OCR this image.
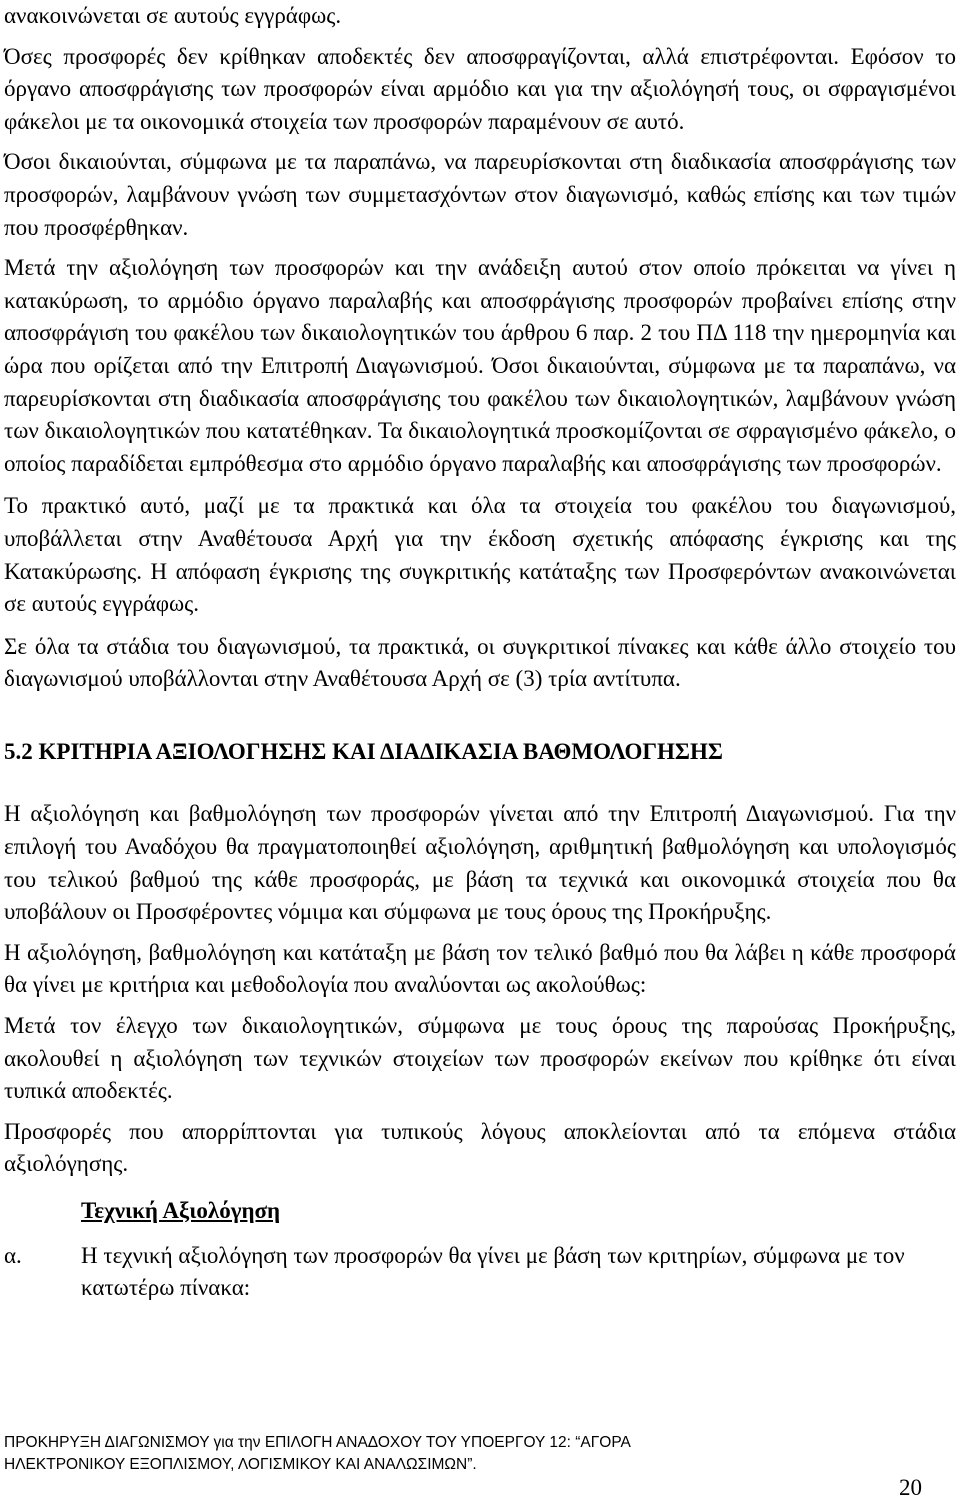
ανακοινώνεται σε αυτούς εγγράφως.

Όσες προσφορές δεν κρίθηκαν αποδεκτές δεν αποσφραγίζονται, αλλά επιστρέφονται. Εφόσον το όργανο αποσφράγισης των προσφορών είναι αρμόδιο και για την αξιολόγησή τους, οι σφραγισμένοι φάκελοι με τα οικονομικά στοιχεία των προσφορών παραμένουν σε αυτό.

Όσοι δικαιούνται, σύμφωνα με τα παραπάνω, να παρευρίσκονται στη διαδικασία αποσφράγισης των προσφορών, λαμβάνουν γνώση των συμμετασχόντων στον διαγωνισμό, καθώς επίσης και των τιμών που προσφέρθηκαν.

Μετά την αξιολόγηση των προσφορών και την ανάδειξη αυτού στον οποίο πρόκειται να γίνει η κατακύρωση, το αρμόδιο όργανο παραλαβής και αποσφράγισης προσφορών προβαίνει επίσης στην αποσφράγιση του φακέλου των δικαιολογητικών του άρθρου 6 παρ. 2 του ΠΔ 118 την ημερομηνία και ώρα που ορίζεται από την Επιτροπή Διαγωνισμού. Όσοι δικαιούνται, σύμφωνα με τα παραπάνω, να παρευρίσκονται στη διαδικασία αποσφράγισης του φακέλου των δικαιολογητικών, λαμβάνουν γνώση των δικαιολογητικών που κατατέθηκαν. Τα δικαιολογητικά προσκομίζονται σε σφραγισμένο φάκελο, ο οποίος παραδίδεται εμπρόθεσμα στο αρμόδιο όργανο παραλαβής και αποσφράγισης των προσφορών.

Το πρακτικό αυτό, μαζί με τα πρακτικά και όλα τα στοιχεία του φακέλου του διαγωνισμού, υποβάλλεται στην Αναθέτουσα Αρχή για την έκδοση σχετικής απόφασης έγκρισης και της Κατακύρωσης. Η απόφαση έγκρισης της συγκριτικής κατάταξης των Προσφερόντων ανακοινώνεται σε αυτούς εγγράφως.

Σε όλα τα στάδια του διαγωνισμού, τα πρακτικά, οι συγκριτικοί πίνακες και κάθε άλλο στοιχείο του διαγωνισμού υποβάλλονται στην Αναθέτουσα Αρχή σε (3) τρία αντίτυπα.

5.2 ΚΡΙΤΗΡΙΑ ΑΞΙΟΛΟΓΗΣΗΣ ΚΑΙ ΔΙΑΔΙΚΑΣΙΑ ΒΑΘΜΟΛΟΓΗΣΗΣ

Η αξιολόγηση και βαθμολόγηση των προσφορών γίνεται από την Επιτροπή Διαγωνισμού. Για την επιλογή του Αναδόχου θα πραγματοποιηθεί αξιολόγηση, αριθμητική βαθμολόγηση και υπολογισμός του τελικού βαθμού της κάθε προσφοράς, με βάση τα τεχνικά και οικονομικά στοιχεία που θα υποβάλουν οι Προσφέροντες νόμιμα και σύμφωνα με τους όρους της Προκήρυξης.

Η αξιολόγηση, βαθμολόγηση και κατάταξη με βάση τον τελικό βαθμό που θα λάβει η κάθε προσφορά θα γίνει με κριτήρια και μεθοδολογία που αναλύονται ως ακολούθως:

Μετά τον έλεγχο των δικαιολογητικών, σύμφωνα με τους όρους της παρούσας Προκήρυξης, ακολουθεί η αξιολόγηση των τεχνικών στοιχείων των προσφορών εκείνων που κρίθηκε ότι είναι τυπικά αποδεκτές.

Προσφορές που απορρίπτονται για τυπικούς λόγους αποκλείονται από τα επόμενα στάδια αξιολόγησης.

Τεχνική Αξιολόγηση
α.	Η τεχνική αξιολόγηση των προσφορών θα γίνει με βάση των κριτηρίων, σύμφωνα με τον κατωτέρω πίνακα:
ΠΡΟΚΗΡΥΞΗ ΔΙΑΓΩΝΙΣΜΟΥ για την ΕΠΙΛΟΓΗ ΑΝΑΔΟΧΟΥ ΤΟΥ ΥΠΟΕΡΓΟΥ 12: “ΑΓΟΡΑ
ΗΛΕΚΤΡΟΝΙΚΟΥ ΕΞΟΠΛΙΣΜΟΥ, ΛΟΓΙΣΜΙΚΟΥ ΚΑΙ ΑΝΑΛΩΣΙΜΩΝ”.
20
